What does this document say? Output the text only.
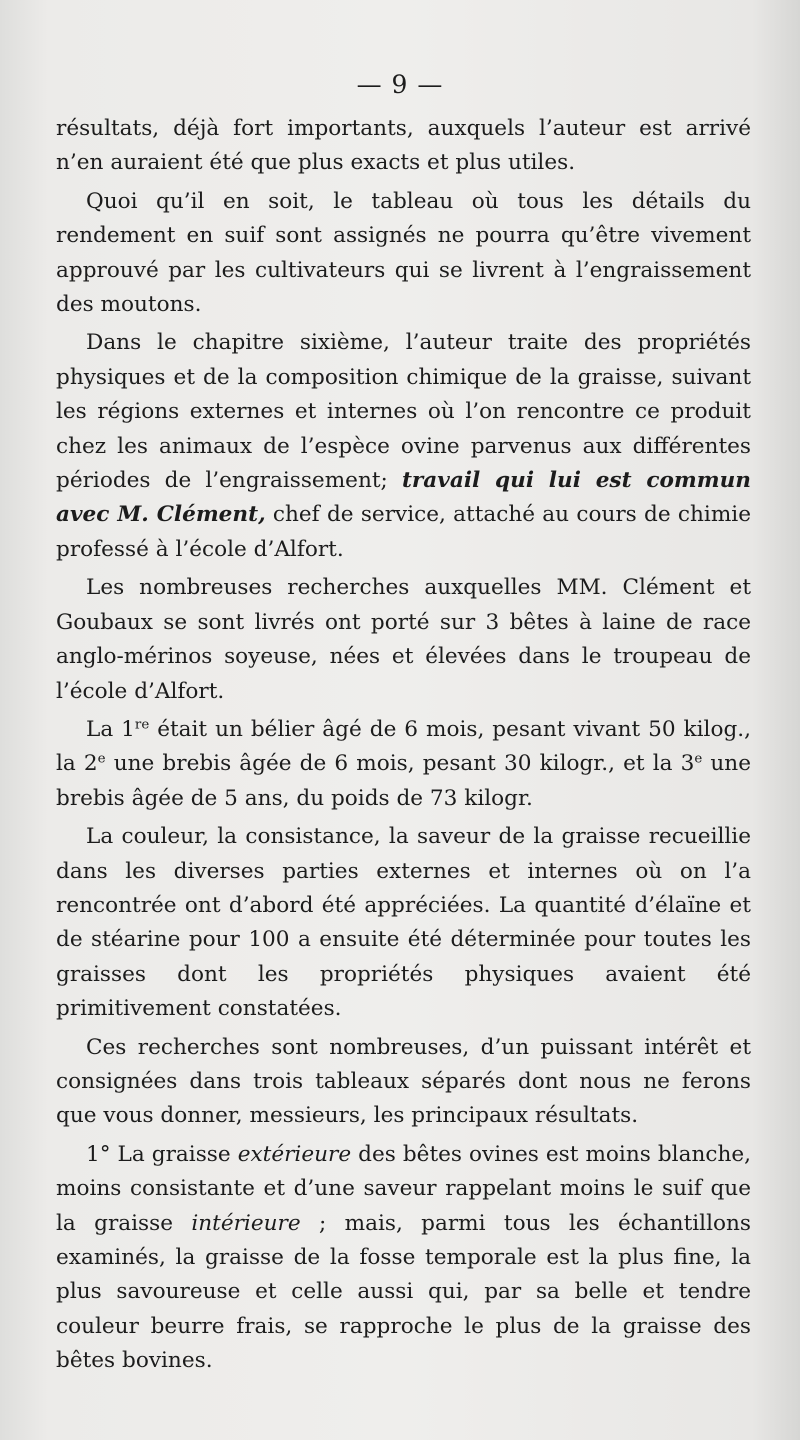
— 9 —

résultats, déjà fort importants, auxquels l’auteur est arrivé n’en auraient été que plus exacts et plus utiles.

Quoi qu’il en soit, le tableau où tous les détails du rendement en suif sont assignés ne pourra qu’être vivement approuvé par les cultivateurs qui se livrent à l’engraissement des moutons.

Dans le chapitre sixième, l’auteur traite des propriétés physiques et de la composition chimique de la graisse, suivant les régions externes et internes où l’on rencontre ce produit chez les animaux de l’espèce ovine parvenus aux différentes périodes de l’engraissement; travail qui lui est commun avec M. Clément, chef de service, attaché au cours de chimie professé à l’école d’Alfort.

Les nombreuses recherches auxquelles MM. Clément et Goubaux se sont livrés ont porté sur 3 bêtes à laine de race anglo-mérinos soyeuse, nées et élevées dans le troupeau de l’école d’Alfort.

La 1re était un bélier âgé de 6 mois, pesant vivant 50 kilog., la 2e une brebis âgée de 6 mois, pesant 30 kilogr., et la 3e une brebis âgée de 5 ans, du poids de 73 kilogr.

La couleur, la consistance, la saveur de la graisse recueillie dans les diverses parties externes et internes où on l’a rencontrée ont d’abord été appréciées. La quantité d’élaïne et de stéarine pour 100 a ensuite été déterminée pour toutes les graisses dont les propriétés physiques avaient été primitivement constatées.

Ces recherches sont nombreuses, d’un puissant intérêt et consignées dans trois tableaux séparés dont nous ne ferons que vous donner, messieurs, les principaux résultats.

1° La graisse extérieure des bêtes ovines est moins blanche, moins consistante et d’une saveur rappelant moins le suif que la graisse intérieure ; mais, parmi tous les échantillons examinés, la graisse de la fosse temporale est la plus fine, la plus savoureuse et celle aussi qui, par sa belle et tendre couleur beurre frais, se rapproche le plus de la graisse des bêtes bovines.
